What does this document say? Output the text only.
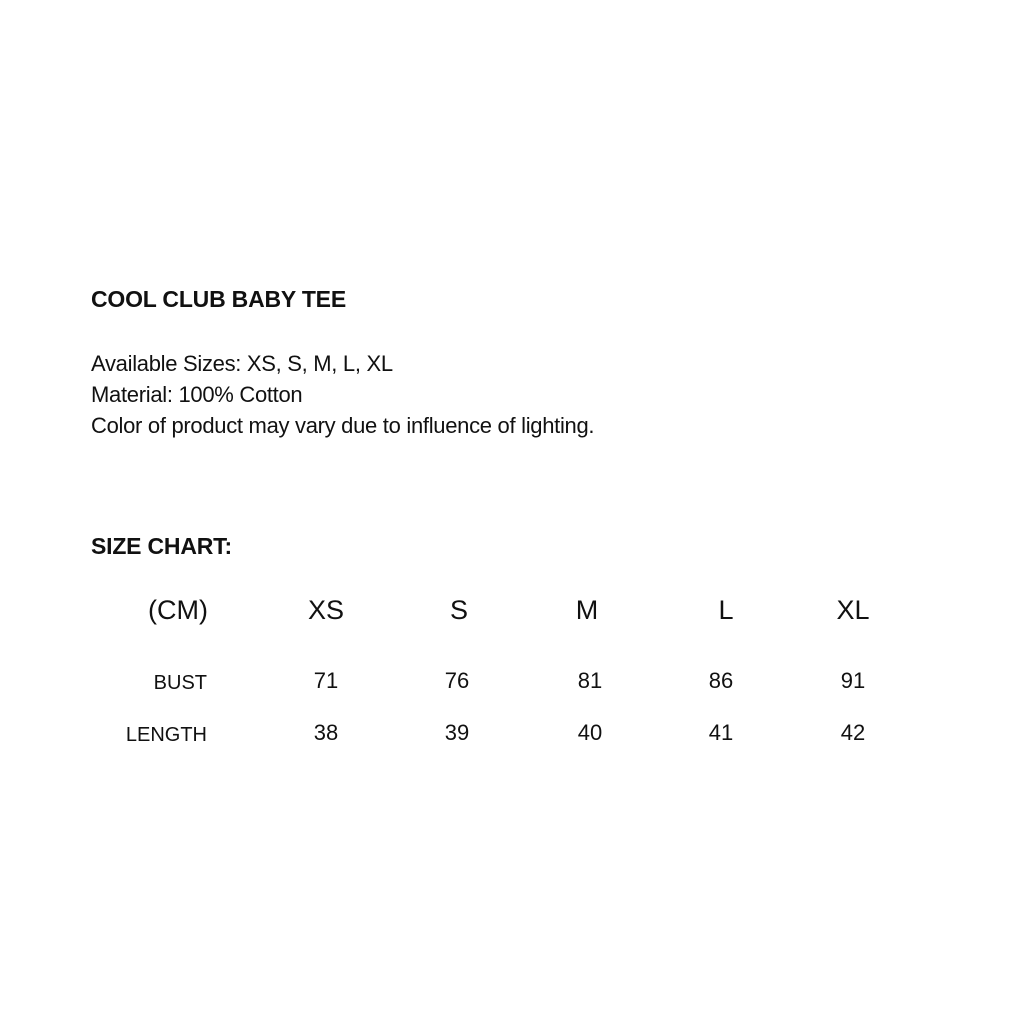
COOL CLUB BABY TEE
Available Sizes: XS, S, M, L, XL
Material: 100% Cotton
Color of product may vary due to influence of lighting.
SIZE CHART:
(CM)	XS	S	M	L	XL
BUST	71	76	81	86	91
LENGTH	38	39	40	41	42
